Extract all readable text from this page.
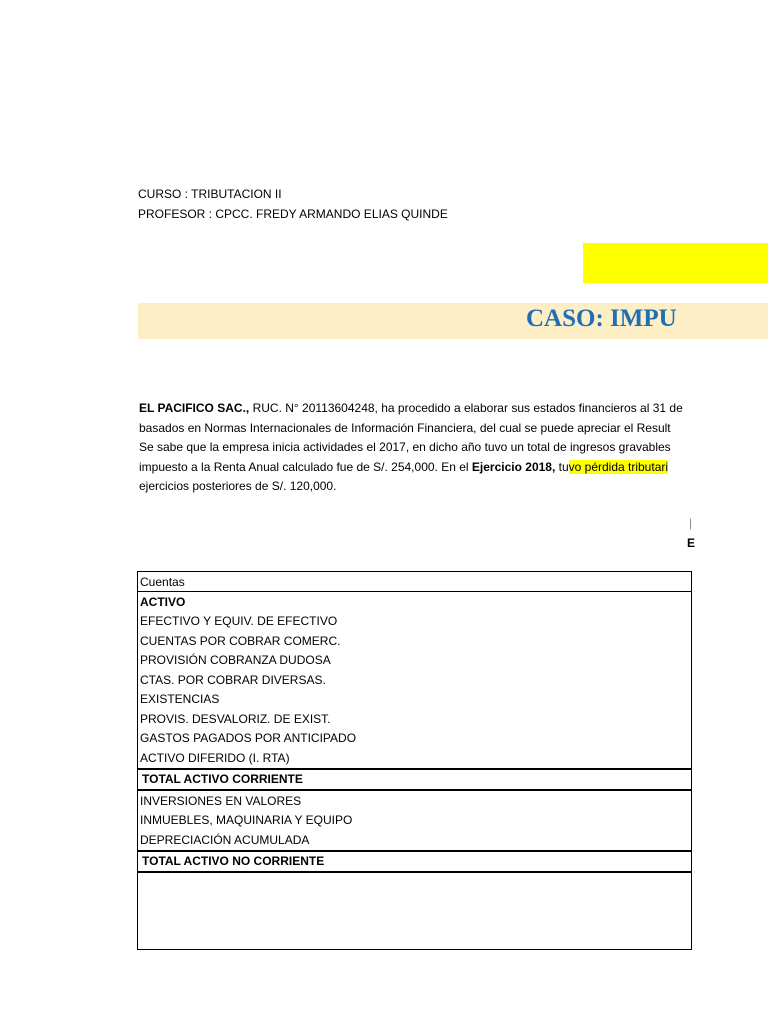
CURSO : TRIBUTACION II
PROFESOR : CPCC. FREDY ARMANDO ELIAS QUINDE
CASO: IMPU
EL PACIFICO SAC., RUC. N° 20113604248, ha procedido a elaborar sus estados financieros al 31 de
basados en Normas Internacionales de Información Financiera, del cual se puede apreciar el Result
Se sabe que la empresa inicia actividades el 2017, en dicho año tuvo un total de ingresos gravables
impuesto a la Renta Anual calculado fue de S/. 254,000. En el Ejercicio 2018, tuvo pérdida tributari
ejercicios posteriores de S/. 120,000.
|
E
Cuentas
ACTIVO
EFECTIVO Y EQUIV. DE EFECTIVO
CUENTAS POR COBRAR COMERC.
PROVISIÓN COBRANZA DUDOSA
CTAS. POR COBRAR DIVERSAS.
EXISTENCIAS
PROVIS. DESVALORIZ. DE EXIST.
GASTOS PAGADOS POR ANTICIPADO
ACTIVO DIFERIDO (I. RTA)
TOTAL ACTIVO CORRIENTE
INVERSIONES EN VALORES
INMUEBLES, MAQUINARIA Y EQUIPO
DEPRECIACIÓN ACUMULADA
TOTAL ACTIVO NO CORRIENTE
